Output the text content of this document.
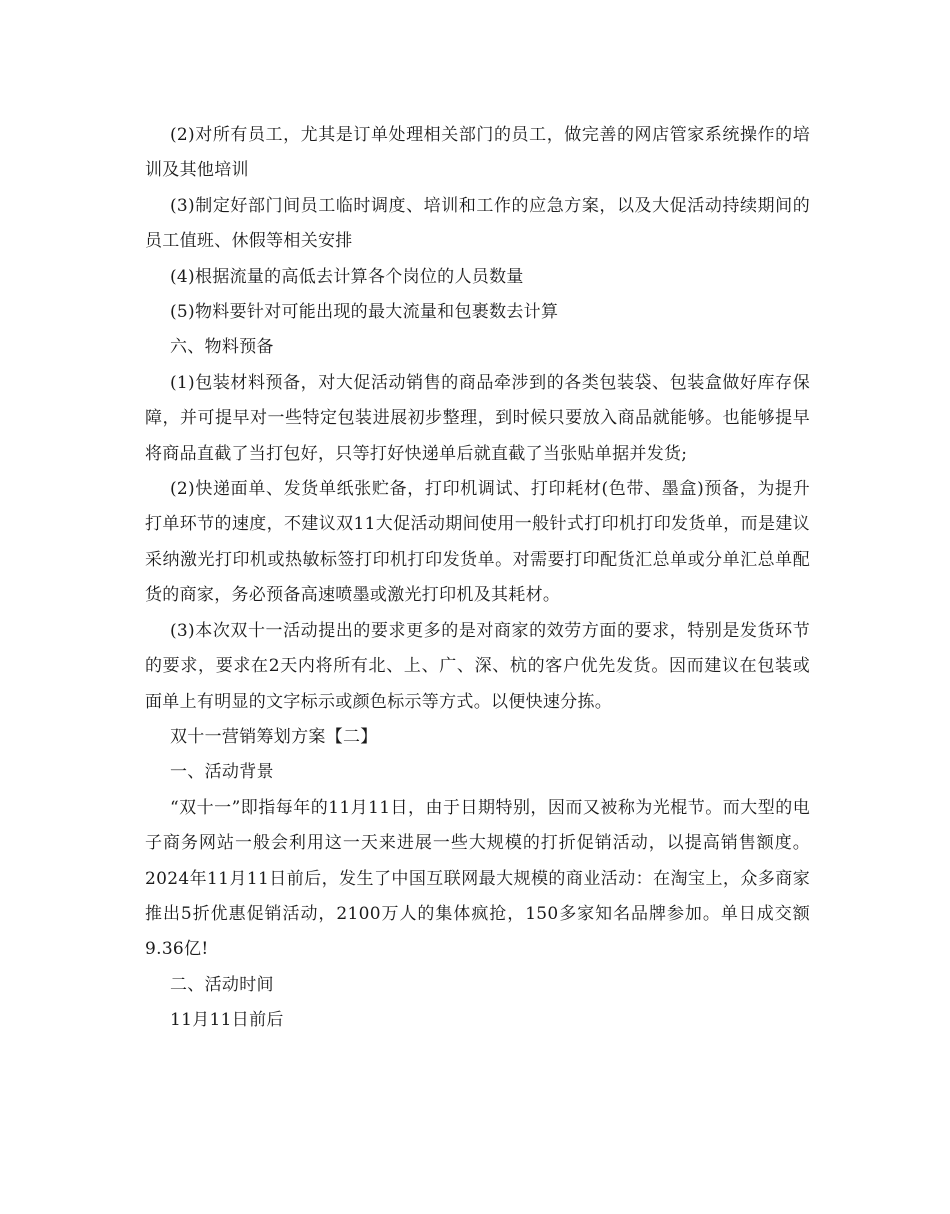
(2)对所有员工，尤其是订单处理相关部门的员工，做完善的网店管家系统操作的培训及其他培训

(3)制定好部门间员工临时调度、培训和工作的应急方案，以及大促活动持续期间的员工值班、休假等相关安排

(4)根据流量的高低去计算各个岗位的人员数量

(5)物料要针对可能出现的最大流量和包裹数去计算

六、物料预备

(1)包装材料预备，对大促活动销售的商品牵涉到的各类包装袋、包装盒做好库存保障，并可提早对一些特定包装进展初步整理，到时候只要放入商品就能够。也能够提早将商品直截了当打包好，只等打好快递单后就直截了当张贴单据并发货;

(2)快递面单、发货单纸张贮备，打印机调试、打印耗材(色带、墨盒)预备，为提升打单环节的速度，不建议双11大促活动期间使用一般针式打印机打印发货单，而是建议采纳激光打印机或热敏标签打印机打印发货单。对需要打印配货汇总单或分单汇总单配货的商家，务必预备高速喷墨或激光打印机及其耗材。

(3)本次双十一活动提出的要求更多的是对商家的效劳方面的要求，特别是发货环节的要求，要求在2天内将所有北、上、广、深、杭的客户优先发货。因而建议在包装或面单上有明显的文字标示或颜色标示等方式。以便快速分拣。

双十一营销筹划方案【二】

一、活动背景

“双十一”即指每年的11月11日，由于日期特别，因而又被称为光棍节。而大型的电子商务网站一般会利用这一天来进展一些大规模的打折促销活动，以提高销售额度。2024年11月11日前后，发生了中国互联网最大规模的商业活动：在淘宝上，众多商家推出5折优惠促销活动，2100万人的集体疯抢，150多家知名品牌参加。单日成交额9.36亿!

二、活动时间

11月11日前后
